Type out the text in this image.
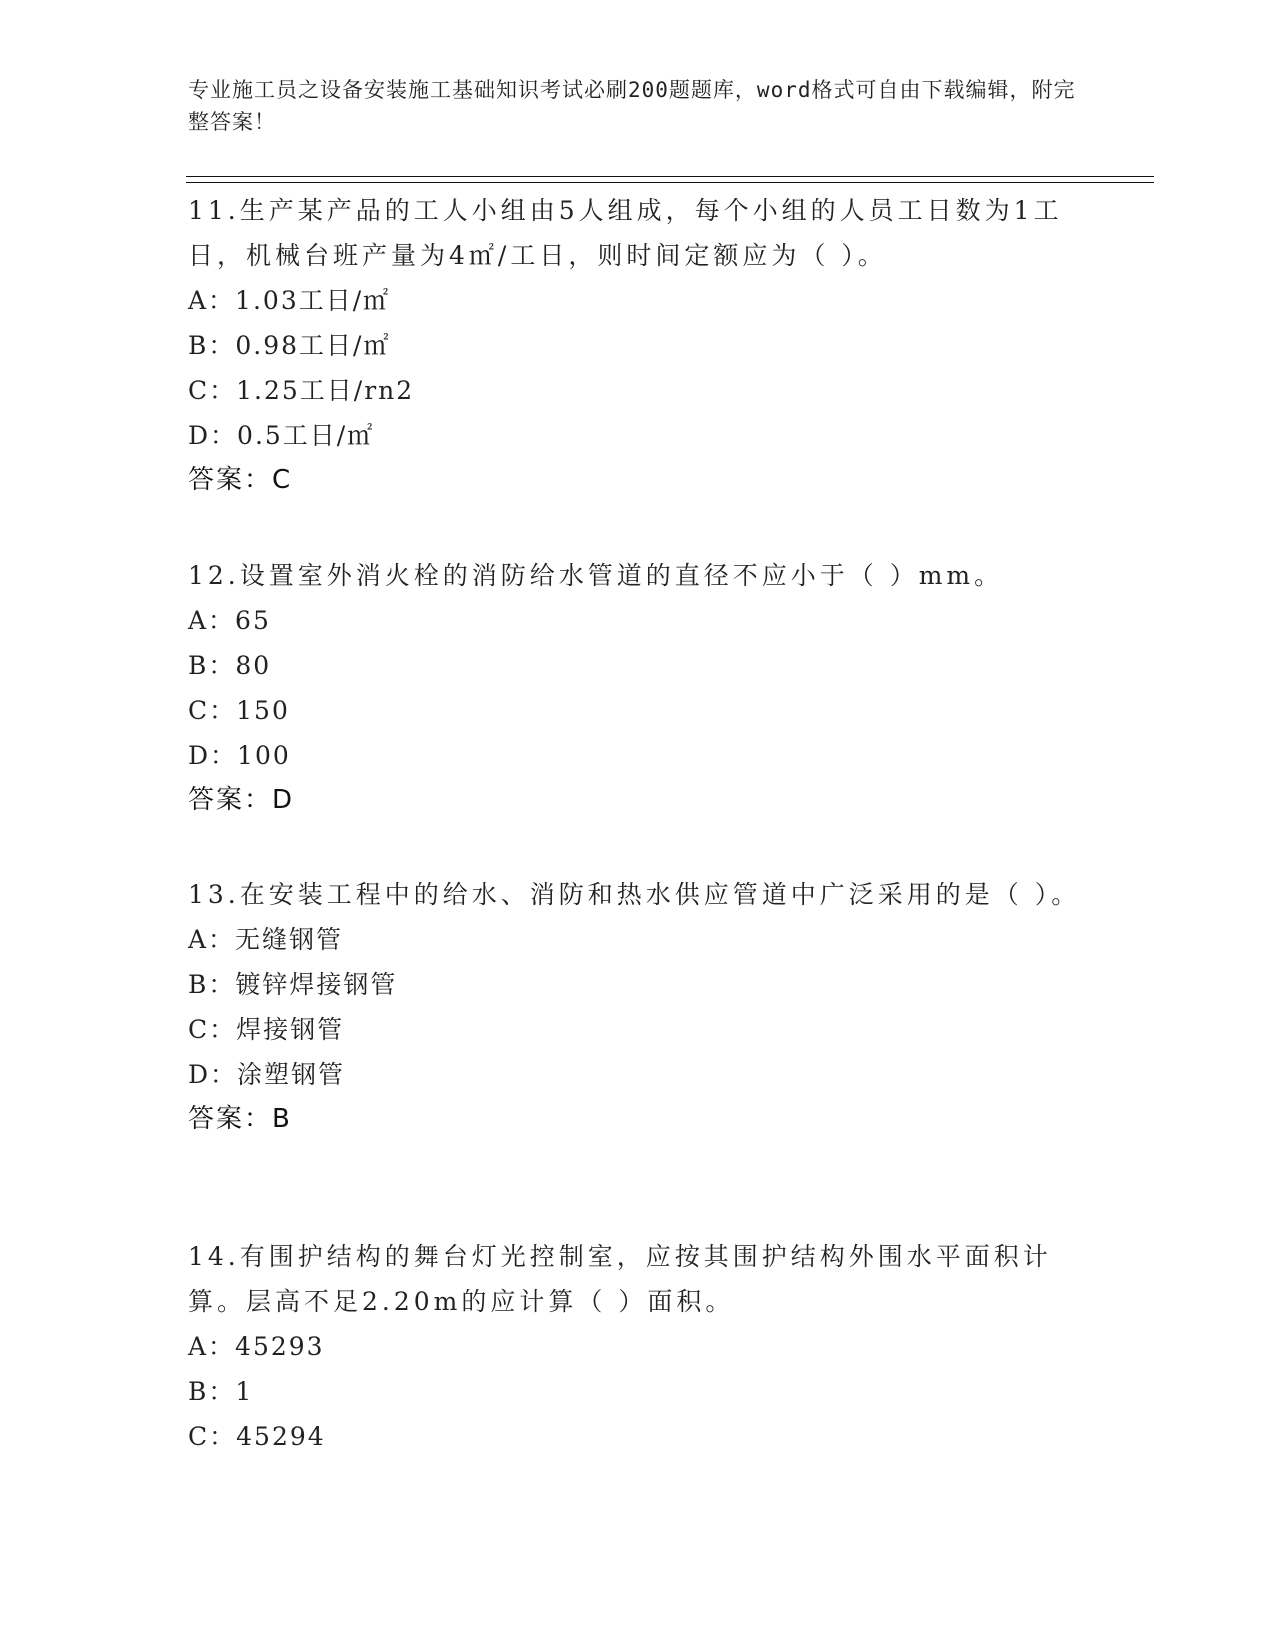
专业施工员之设备安装施工基础知识考试必刷200题题库，word格式可自由下载编辑，附完整答案！

11.生产某产品的工人小组由5人组成，每个小组的人员工日数为1工日，机械台班产量为4㎡/工日，则时间定额应为（ ）。

A：1.03工日/㎡
B：0.98工日/㎡
C：1.25工日/rn2
D：0.5工日/㎡
答案：C

12.设置室外消火栓的消防给水管道的直径不应小于（ ）mm。

A：65
B：80
C：150
D：100
答案：D

13.在安装工程中的给水、消防和热水供应管道中广泛采用的是（ ）。

A：无缝钢管
B：镀锌焊接钢管
C：焊接钢管
D：涂塑钢管
答案：B

14.有围护结构的舞台灯光控制室，应按其围护结构外围水平面积计算。层高不足2.20m的应计算（ ）面积。

A：45293
B：1
C：45294
